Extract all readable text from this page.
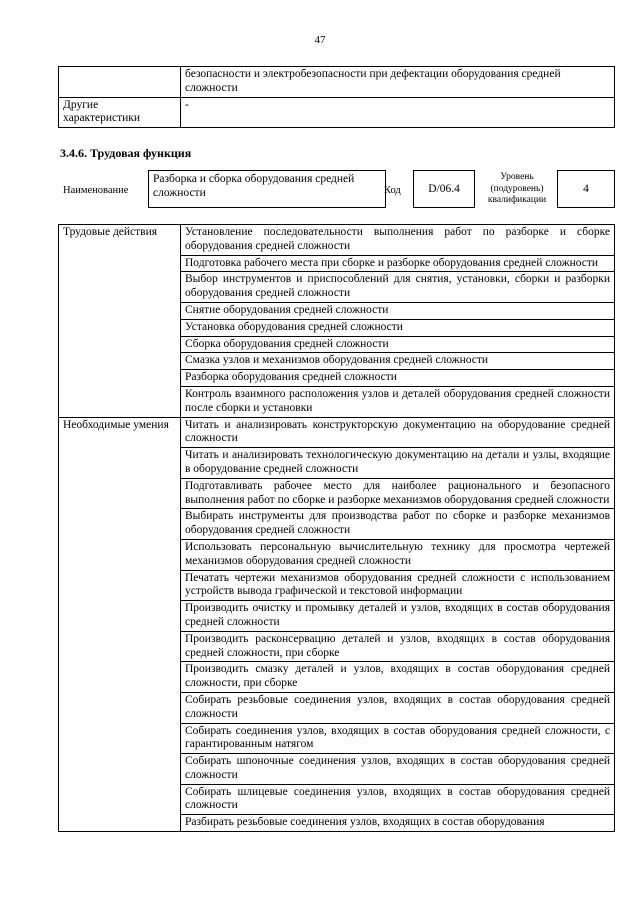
47
	безопасности и электробезопасности при дефектации оборудования средней сложности
Другие характеристики	-
3.4.6. Трудовая функция
Наименование
Разборка и сборка оборудования средней сложности	Код	D/06.4
Уровень (подуровень) квалификации
4
Трудовые действия	Установление последовательности выполнения работ по разборке и сборке оборудования средней сложности
	Подготовка рабочего места при сборке и разборке оборудования средней сложности
	Выбор инструментов и приспособлений для снятия, установки, сборки и разборки оборудования средней сложности
	Снятие оборудования средней сложности
	Установка оборудования средней сложности
	Сборка оборудования средней сложности
	Смазка узлов и механизмов оборудования средней сложности
	Разборка оборудования средней сложности
	Контроль взаимного расположения узлов и деталей оборудования средней сложности после сборки и установки
Необходимые умения	Читать и анализировать конструкторскую документацию на оборудование средней сложности
	Читать и анализировать технологическую документацию на детали и узлы, входящие в оборудование средней сложности
	Подготавливать рабочее место для наиболее рационального и безопасного выполнения работ по сборке и разборке механизмов оборудования средней сложности
	Выбирать инструменты для производства работ по сборке и разборке механизмов оборудования средней сложности
	Использовать персональную вычислительную технику для просмотра чертежей механизмов оборудования средней сложности
	Печатать чертежи механизмов оборудования средней сложности с использованием устройств вывода графической и текстовой информации
	Производить очистку и промывку деталей и узлов, входящих в состав оборудования средней сложности
	Производить расконсервацию деталей и узлов, входящих в состав оборудования средней сложности, при сборке
	Производить смазку деталей и узлов, входящих в состав оборудования средней сложности, при сборке
	Собирать резьбовые соединения узлов, входящих в состав оборудования средней сложности
	Собирать соединения узлов, входящих в состав оборудования средней сложности, с гарантированным натягом
	Собирать шпоночные соединения узлов, входящих в состав оборудования средней сложности
	Собирать шлицевые соединения узлов, входящих в состав оборудования средней сложности
	Разбирать резьбовые соединения узлов, входящих в состав оборудования
